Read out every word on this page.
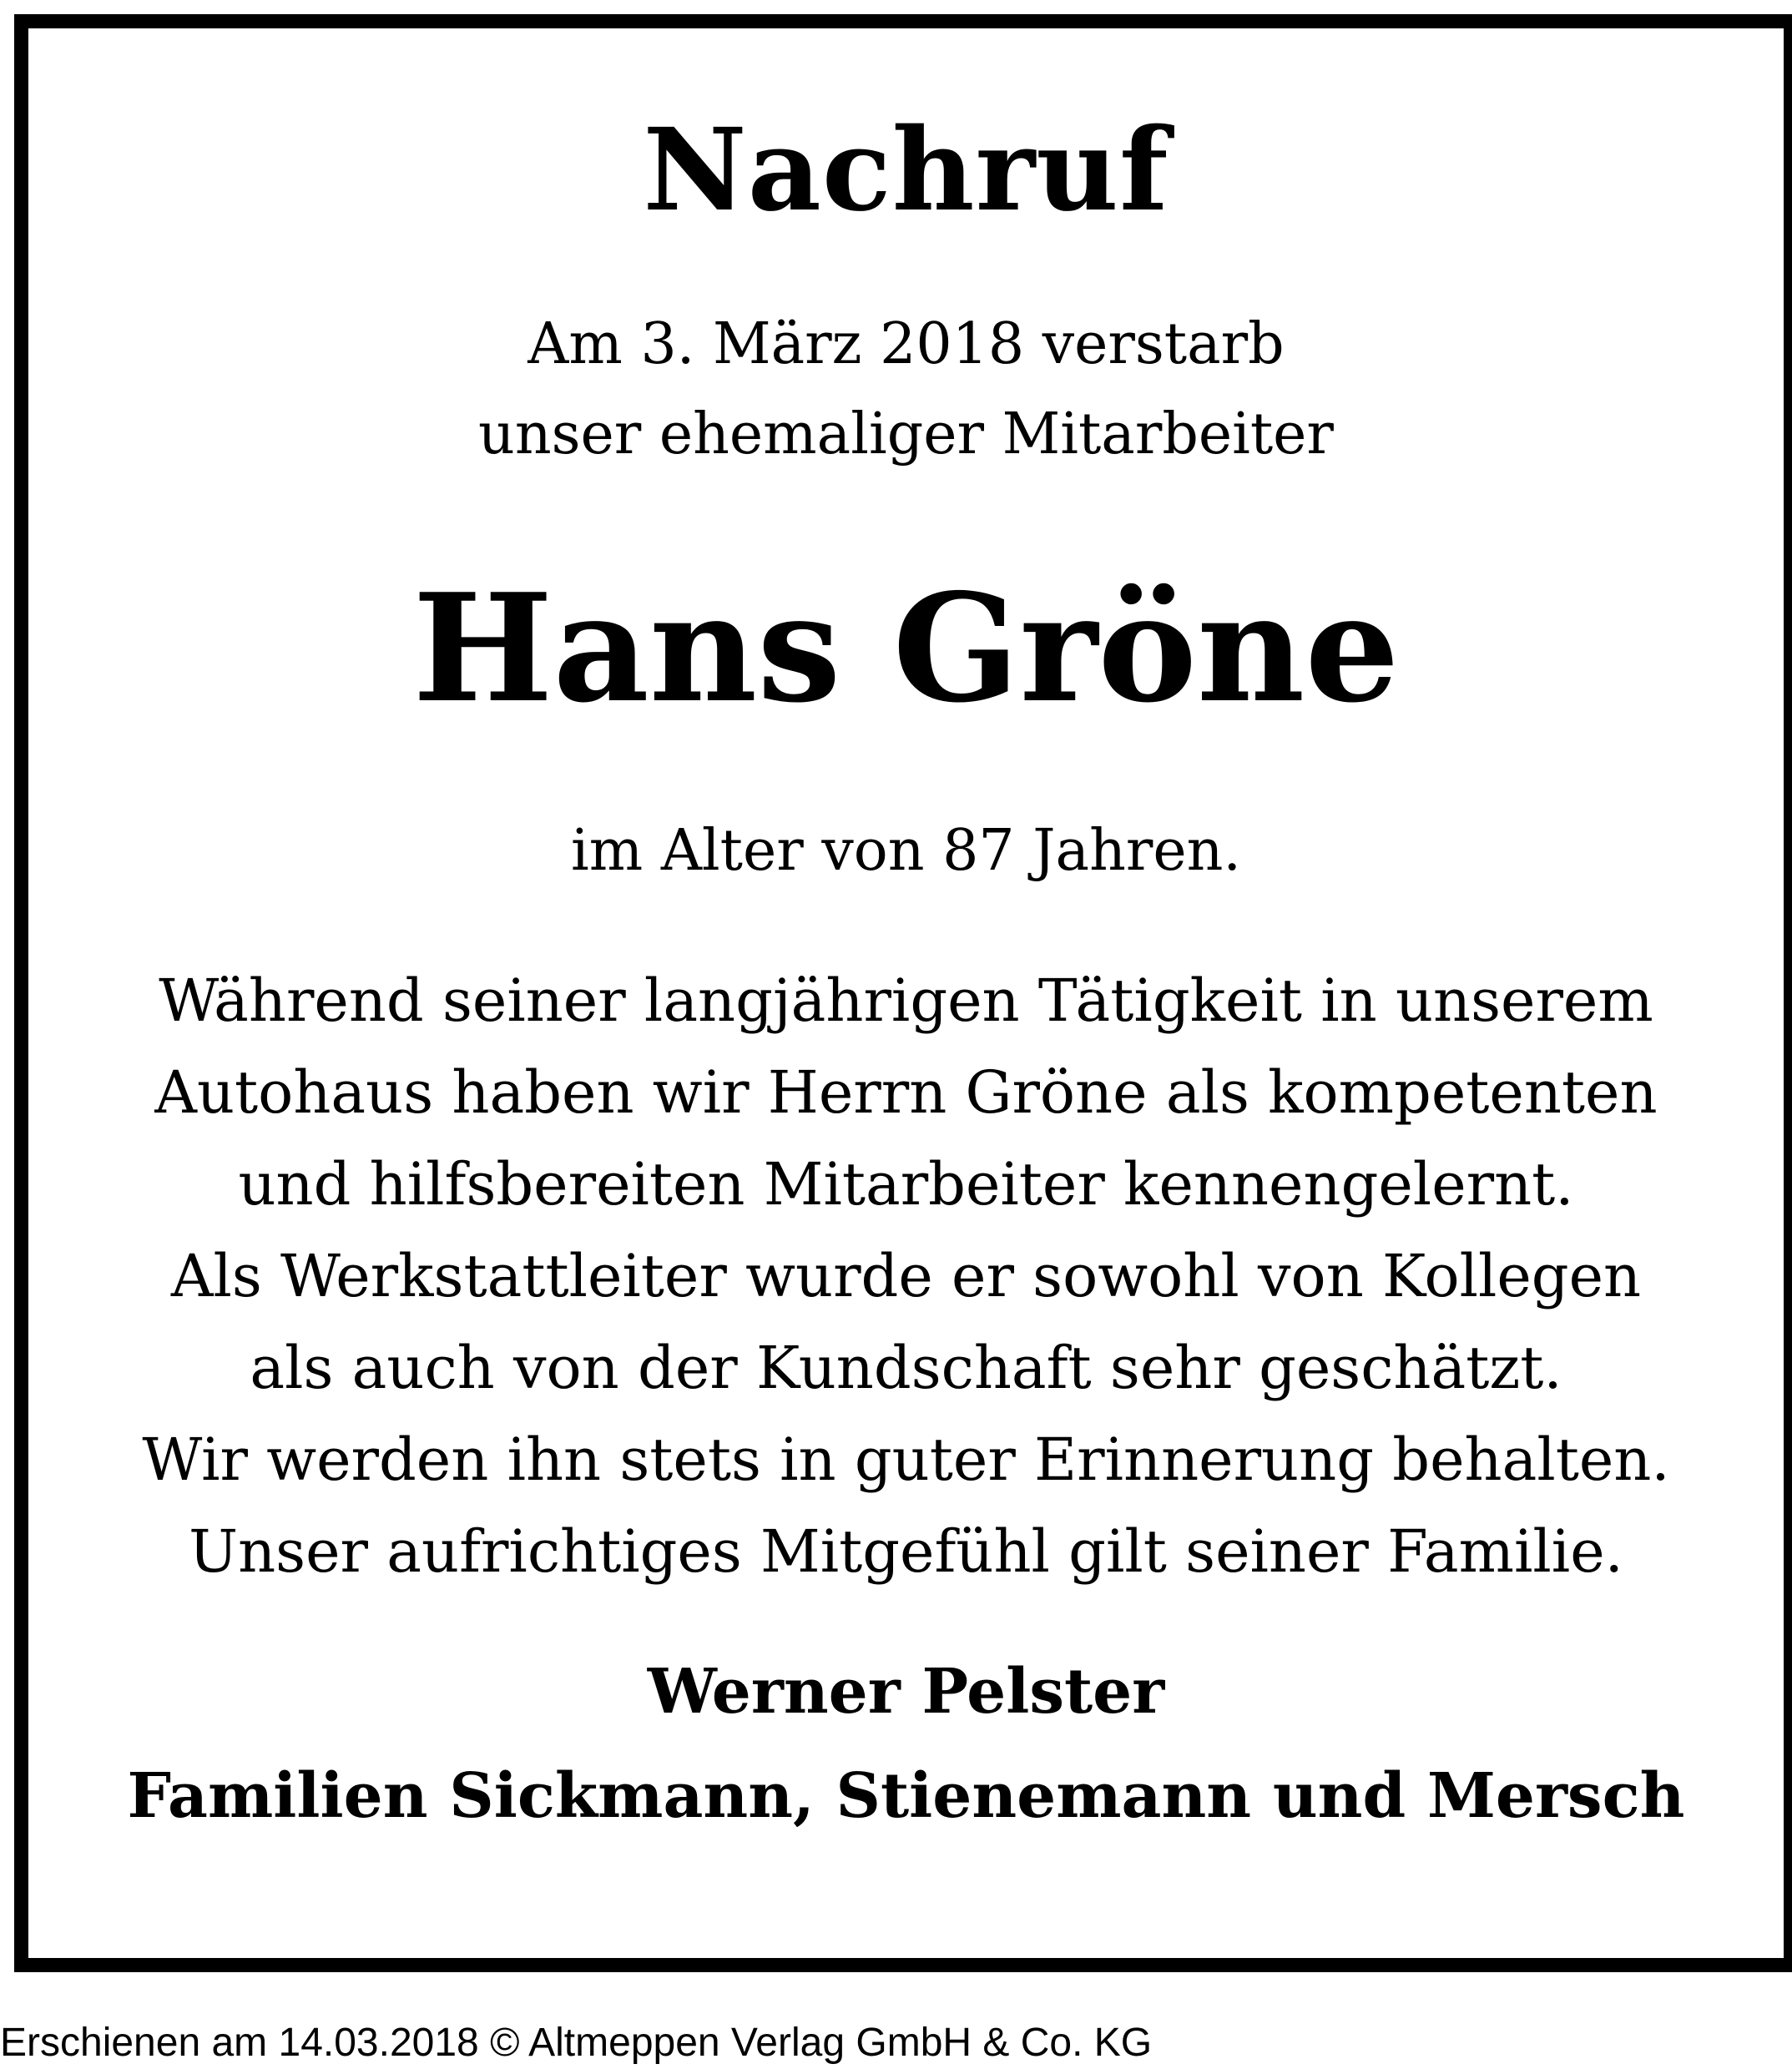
Nachruf
Am 3. März 2018 verstarb
unser ehemaliger Mitarbeiter
Hans Gröne
im Alter von 87 Jahren.
Während seiner langjährigen Tätigkeit in unserem
Autohaus haben wir Herrn Gröne als kompetenten
und hilfsbereiten Mitarbeiter kennengelernt.
Als Werkstattleiter wurde er sowohl von Kollegen
als auch von der Kundschaft sehr geschätzt.
Wir werden ihn stets in guter Erinnerung behalten.
Unser aufrichtiges Mitgefühl gilt seiner Familie.
Werner Pelster
Familien Sickmann, Stienemann und Mersch
Erschienen am 14.03.2018 © Altmeppen Verlag GmbH & Co. KG
